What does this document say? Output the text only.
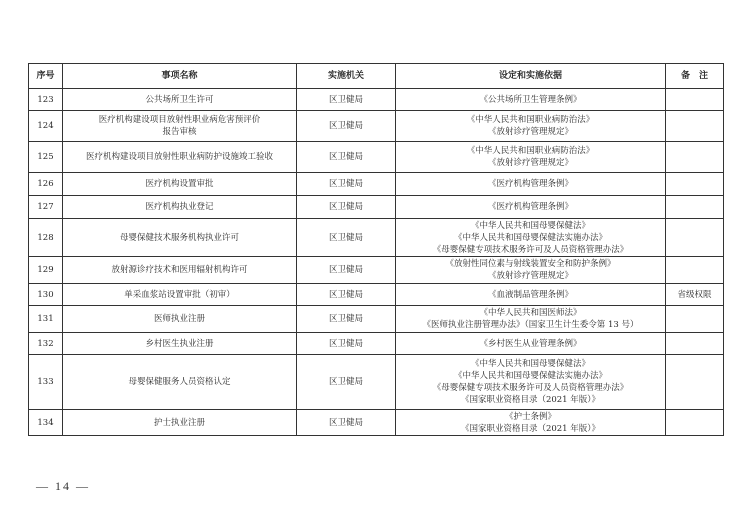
序号	事项名称	实施机关	设定和实施依据	备　注
123	公共场所卫生许可	区卫健局	《公共场所卫生管理条例》	

124	医疗机构建设项目放射性职业病危害预评价
报告审核	区卫健局	《中华人民共和国职业病防治法》
《放射诊疗管理规定》	

125	医疗机构建设项目放射性职业病防护设施竣工验收	区卫健局	《中华人民共和国职业病防治法》
《放射诊疗管理规定》	

126	医疗机构设置审批	区卫健局	《医疗机构管理条例》	

127	医疗机构执业登记	区卫健局	《医疗机构管理条例》	

128	母婴保健技术服务机构执业许可	区卫健局	《中华人民共和国母婴保健法》
《中华人民共和国母婴保健法实施办法》
《母婴保健专项技术服务许可及人员资格管理办法》	

129	放射源诊疗技术和医用辐射机构许可	区卫健局	《放射性同位素与射线装置安全和防护条例》
《放射诊疗管理规定》	

130	单采血浆站设置审批（初审）	区卫健局	《血液制品管理条例》	省级权限
131	医师执业注册	区卫健局	《中华人民共和国医师法》
《医师执业注册管理办法》（国家卫生计生委令第 13 号）	

132	乡村医生执业注册	区卫健局	《乡村医生从业管理条例》	

133	母婴保健服务人员资格认定	区卫健局	《中华人民共和国母婴保健法》
《中华人民共和国母婴保健法实施办法》
《母婴保健专项技术服务许可及人员资格管理办法》
《国家职业资格目录（2021 年版）》	

134	护士执业注册	区卫健局	《护士条例》
《国家职业资格目录（2021 年版）》	

— 14 —
